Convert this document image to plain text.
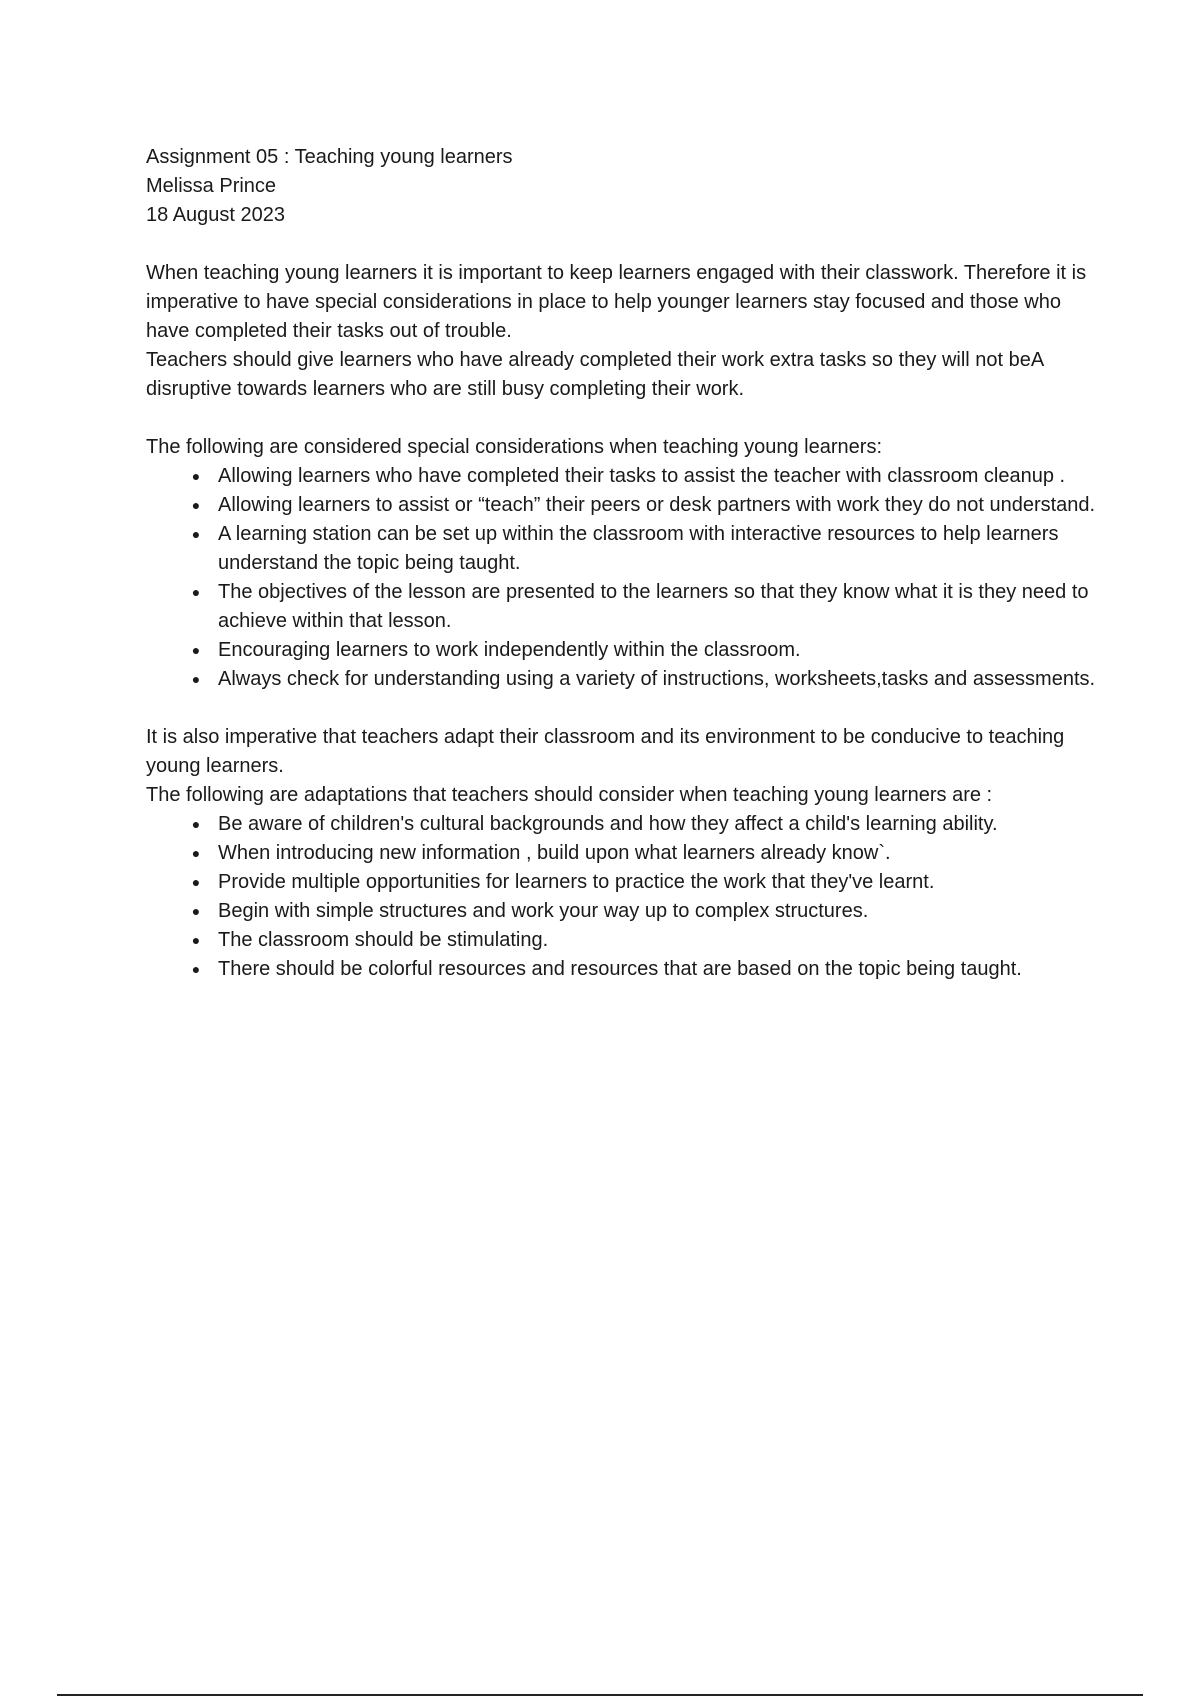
Assignment 05 : Teaching young learners
Melissa Prince
18 August 2023
When teaching young learners it is important to keep learners engaged with their classwork. Therefore it is imperative to have special considerations in place to help younger learners stay focused and those who have completed their tasks out of trouble.
Teachers should give learners who have already completed their work extra tasks so they will not beA disruptive towards learners who are still busy completing their work.
The following are considered special considerations when teaching young learners:
● Allowing learners who have completed their tasks to assist the teacher with classroom cleanup .
● Allowing learners to assist or “teach” their peers or desk partners with work they do not understand.
● A learning station can be set up within the classroom with interactive resources to help learners understand the topic being taught.
● The objectives of the lesson are presented to the learners so that they know what it is they need to achieve within that lesson.
● Encouraging learners to work independently within the classroom.
● Always check for understanding using a variety of instructions, worksheets,tasks and assessments.
It is also imperative that teachers adapt their classroom and its environment to be conducive to teaching young learners.
The following are adaptations that teachers should consider when teaching young learners are :
● Be aware of children's cultural backgrounds and how they affect a child's learning ability.
● When introducing new information , build upon what learners already know`.
● Provide multiple opportunities for learners to practice the work that they've learnt.
● Begin with simple structures and work your way up to complex structures.
● The classroom should be stimulating.
● There should be colorful resources and resources that are based on the topic being taught.
